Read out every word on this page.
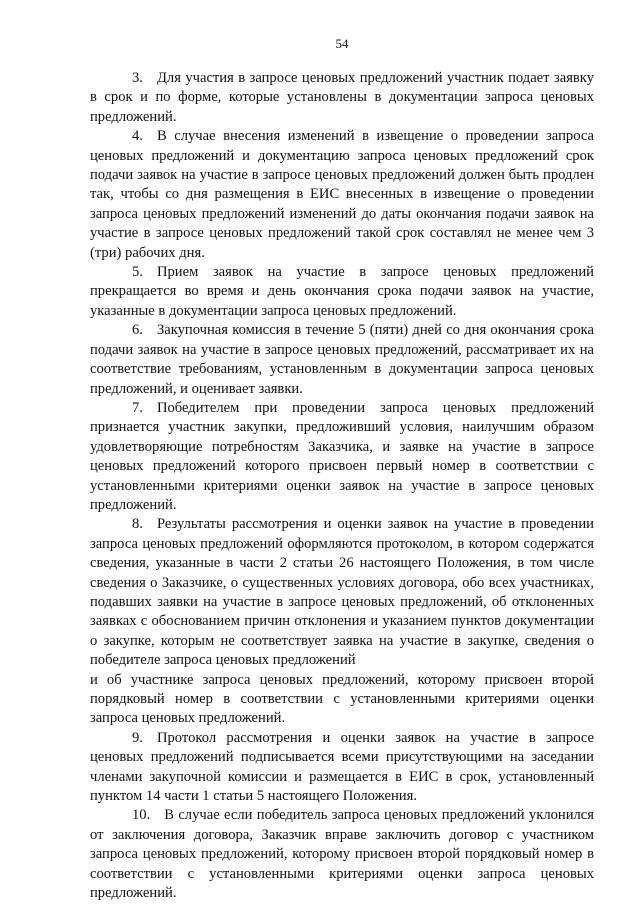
54

3. Для участия в запросе ценовых предложений участник подает заявку в срок и по форме, которые установлены в документации запроса ценовых предложений.

4. В случае внесения изменений в извещение о проведении запроса ценовых предложений и документацию запроса ценовых предложений срок подачи заявок на участие в запросе ценовых предложений должен быть продлен так, чтобы со дня размещения в ЕИС внесенных в извещение о проведении запроса ценовых предложений изменений до даты окончания подачи заявок на участие в запросе ценовых предложений такой срок составлял не менее чем 3 (три) рабочих дня.

5. Прием заявок на участие в запросе ценовых предложений прекращается во время и день окончания срока подачи заявок на участие, указанные в документации запроса ценовых предложений.

6. Закупочная комиссия в течение 5 (пяти) дней со дня окончания срока подачи заявок на участие в запросе ценовых предложений, рассматривает их на соответствие требованиям, установленным в документации запроса ценовых предложений, и оценивает заявки.

7. Победителем при проведении запроса ценовых предложений признается участник закупки, предложивший условия, наилучшим образом удовлетворяющие потребностям Заказчика, и заявке на участие в запросе ценовых предложений которого присвоен первый номер в соответствии с установленными критериями оценки заявок на участие в запросе ценовых предложений.

8. Результаты рассмотрения и оценки заявок на участие в проведении запроса ценовых предложений оформляются протоколом, в котором содержатся сведения, указанные в части 2 статьи 26 настоящего Положения, в том числе сведения о Заказчике, о существенных условиях договора, обо всех участниках, подавших заявки на участие в запросе ценовых предложений, об отклоненных заявках с обоснованием причин отклонения и указанием пунктов документации о закупке, которым не соответствует заявка на участие в закупке, сведения о победителе запроса ценовых предложений

и об участнике запроса ценовых предложений, которому присвоен второй порядковый номер в соответствии с установленными критериями оценки запроса ценовых предложений.

9. Протокол рассмотрения и оценки заявок на участие в запросе ценовых предложений подписывается всеми присутствующими на заседании членами закупочной комиссии и размещается в ЕИС в срок, установленный пунктом 14 части 1 статьи 5 настоящего Положения.

10. В случае если победитель запроса ценовых предложений уклонился от заключения договора, Заказчик вправе заключить договор с участником запроса ценовых предложений, которому присвоен второй порядковый номер в соответствии с установленными критериями оценки запроса ценовых предложений.
